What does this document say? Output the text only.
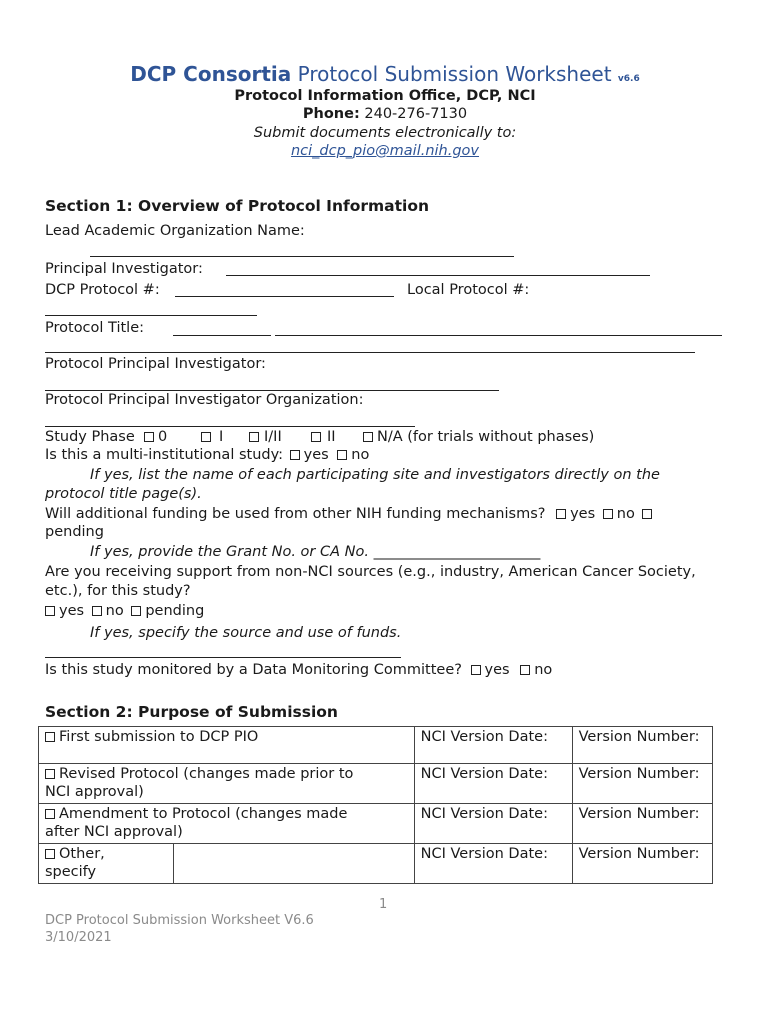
DCP Consortia Protocol Submission Worksheet v6.6
Protocol Information Office, DCP, NCI
Phone: 240-276-7130
Submit documents electronically to:
nci_dcp_pio@mail.nih.gov
Section 1: Overview of Protocol Information
Lead Academic Organization Name:
Principal Investigator:
DCP Protocol #:	Local Protocol #:
Protocol Title:
Protocol Principal Investigator:
Protocol Principal Investigator Organization:
Study Phase	0	I	I/II	II	N/A (for trials without phases)
Is this a multi-institutional study: yes no
If yes, list the name of each participating site and investigators directly on the
protocol title page(s).
Will additional funding be used from other NIH funding mechanisms? yes no
pending
If yes, provide the Grant No. or CA No. _______________________
Are you receiving support from non-NCI sources (e.g., industry, American Cancer Society,
etc.), for this study?
yes no pending
If yes, specify the source and use of funds.
Is this study monitored by a Data Monitoring Committee? yes no
Section 2: Purpose of Submission
First submission to DCP PIO		NCI Version Date:	Version Number:
Revised Protocol (changes made prior to
NCI approval)		NCI Version Date:	Version Number:
Amendment to Protocol (changes made
after NCI approval)		NCI Version Date:	Version Number:
Other,
specify		NCI Version Date:	Version Number:
1
DCP Protocol Submission Worksheet V6.6
3/10/2021
